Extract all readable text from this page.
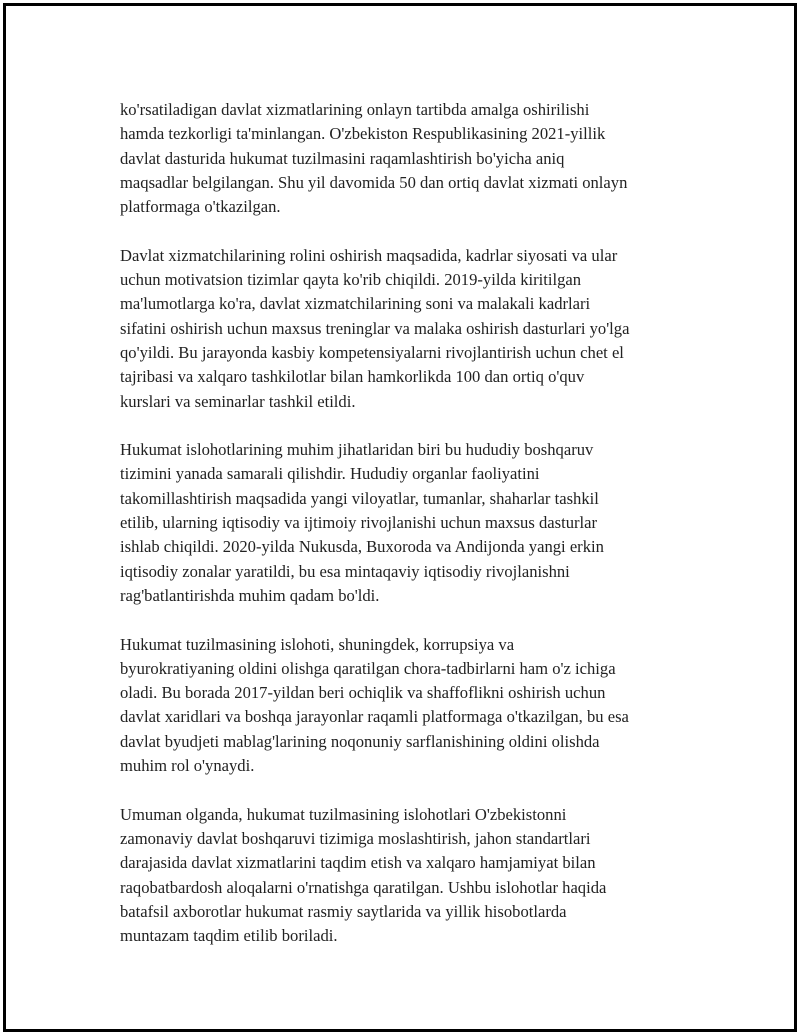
ko'rsatiladigan davlat xizmatlarining onlayn tartibda amalga oshirilishi
hamda tezkorligi ta'minlangan. O'zbekiston Respublikasining 2021-yillik
davlat dasturida hukumat tuzilmasini raqamlashtirish bo'yicha aniq
maqsadlar belgilangan. Shu yil davomida 50 dan ortiq davlat xizmati onlayn
platformaga o'tkazilgan.

Davlat xizmatchilarining rolini oshirish maqsadida, kadrlar siyosati va ular
uchun motivatsion tizimlar qayta ko'rib chiqildi. 2019-yilda kiritilgan
ma'lumotlarga ko'ra, davlat xizmatchilarining soni va malakali kadrlari
sifatini oshirish uchun maxsus treninglar va malaka oshirish dasturlari yo'lga
qo'yildi. Bu jarayonda kasbiy kompetensiyalarni rivojlantirish uchun chet el
tajribasi va xalqaro tashkilotlar bilan hamkorlikda 100 dan ortiq o'quv
kurslari va seminarlar tashkil etildi.

Hukumat islohotlarining muhim jihatlaridan biri bu hududiy boshqaruv
tizimini yanada samarali qilishdir. Hududiy organlar faoliyatini
takomillashtirish maqsadida yangi viloyatlar, tumanlar, shaharlar tashkil
etilib, ularning iqtisodiy va ijtimoiy rivojlanishi uchun maxsus dasturlar
ishlab chiqildi. 2020-yilda Nukusda, Buxoroda va Andijonda yangi erkin
iqtisodiy zonalar yaratildi, bu esa mintaqaviy iqtisodiy rivojlanishni
rag'batlantirishda muhim qadam bo'ldi.

Hukumat tuzilmasining islohoti, shuningdek, korrupsiya va
byurokratiyaning oldini olishga qaratilgan chora-tadbirlarni ham o'z ichiga
oladi. Bu borada 2017-yildan beri ochiqlik va shaffoflikni oshirish uchun
davlat xaridlari va boshqa jarayonlar raqamli platformaga o'tkazilgan, bu esa
davlat byudjeti mablag'larining noqonuniy sarflanishining oldini olishda
muhim rol o'ynaydi.

Umuman olganda, hukumat tuzilmasining islohotlari O'zbekistonni
zamonaviy davlat boshqaruvi tizimiga moslashtirish, jahon standartlari
darajasida davlat xizmatlarini taqdim etish va xalqaro hamjamiyat bilan
raqobatbardosh aloqalarni o'rnatishga qaratilgan. Ushbu islohotlar haqida
batafsil axborotlar hukumat rasmiy saytlarida va yillik hisobotlarda
muntazam taqdim etilib boriladi.
